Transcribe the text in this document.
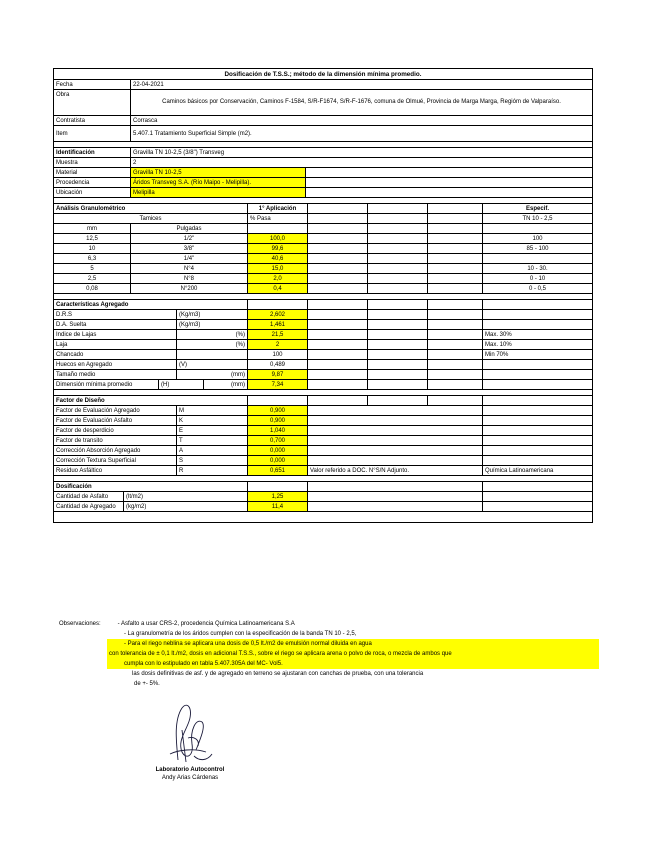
Dosificación de T.S.S.; método de la dimensión mínima promedio.
Fecha	22-04-2021
Obra
Caminos básicos por Conservación, Caminos F-1584, S/R-F1674, S/R-F-1676, comuna de Olmué, Provincia de Marga Marga, Regióm de Valparaíso.
Contratista	Corrasca
Item	5.407.1 Tratamiento Superficial Simple (m2).
Identificación	Gravilla TN 10-2,5 (3/8") Transveg
Muestra	2
Material	Gravilla TN 10-2,5
Procedencia	Áridos Transveg S.A. (Río Maipo - Melipilla).
Ubicación	Melipilla
Análisis Granulométrico	1° Aplicación	Especif.
Tamices	% Pasa	TN 10 - 2,5
mm	Pulgadas
12,5	1/2"	100,0	100
10	3/8"	99,6	85 - 100
6,3	1/4"	40,6
5	N°4	15,0	10 - 30.
2,5	N°8	2,0	0 - 10
0,08	N°200	0,4	0 - 0,5
Características Agregado
D.R.S	(Kg/m3)	2,602
D.A. Suelta	(Kg/m3)	1,461
Indice de Lajas	(%)	21,5	Max. 30%
Laja	(%)	2	Max. 10%
Chancado	100	Min 70%
Huecos en Agregado	(V)	0,489
Tamaño medio	(mm)	9,87
Dimensión mínima promedio	(H)	(mm)	7,34
Factor de Diseño
Factor de Evaluación Agregado	M	0,900
Factor de Evaluación Asfalto	K	0,900
Factor de desperdicio	E	1,040
Factor de transito	T	0,700
Corrección Absorción Agregado	A	0,000
Corrección Textura Superficial	S	0,000
Residuo Asfáltico	R	0,651	Valor referido a DOC. N°S/N Adjunto.	Química Latinoamericana
Dosificación
Cantidad de Asfalto	(lt/m2)	1,25
Cantidad de Agregado	(kg/m2)	11,4
Observaciones:	- Asfalto a usar CRS-2, procedencia Química Latinoamericana S.A
- La granulometría de los áridos cumplen con la especificación de la banda TN 10 - 2,5,
- Para el riego neblina se aplicara una dosis de 0,5 lt./m2 de emulsión normal diluida en agua
con tolerancia de ± 0,1 lt./m2, dosis en adicional T.S.S., sobre el riego se aplicara arena o polvo de roca, o mezcla de ambos que
cumpla con lo estipulado en tabla 5.407.305A del MC- Vol5.
las dosis definitivas de asf. y de agregado en terreno se ajustaran con canchas de prueba, con una tolerancia
de +- 5%.
Laboratorio Autocontrol
Andy Arias Cárdenas
